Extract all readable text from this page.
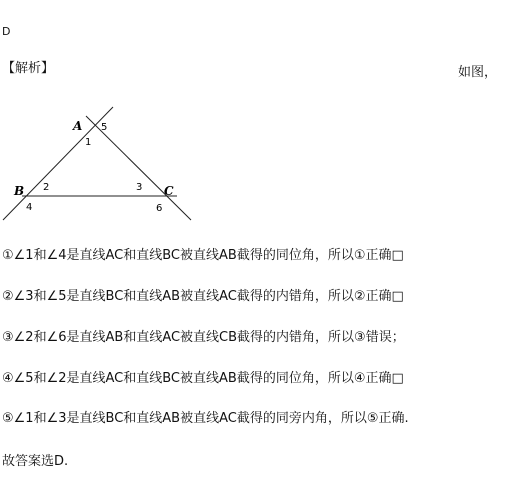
D
【解析】	如图，
A
B	C
1
2	3
4
5
6
①∠1和∠4是直线AC和直线BC被直线AB截得的同位角，所以①正确□
②∠3和∠5是直线BC和直线AB被直线AC截得的内错角，所以②正确□
③∠2和∠6是直线AB和直线AC被直线CB截得的内错角，所以③错误；
④∠5和∠2是直线AC和直线BC被直线AB截得的同位角，所以④正确□
⑤∠1和∠3是直线BC和直线AB被直线AC截得的同旁内角，所以⑤正确.
故答案选D.
